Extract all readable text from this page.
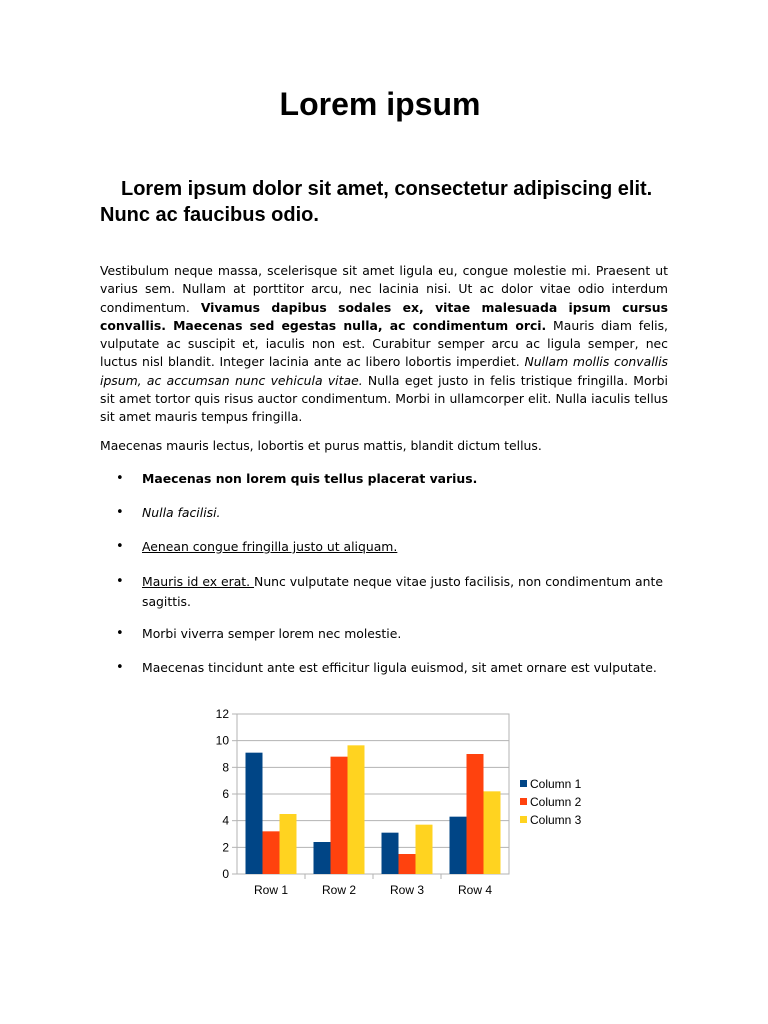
Lorem ipsum
Lorem ipsum dolor sit amet, consectetur adipiscing elit. Nunc ac faucibus odio.

Vestibulum neque massa, scelerisque sit amet ligula eu, congue molestie mi. Praesent ut varius sem. Nullam at porttitor arcu, nec lacinia nisi. Ut ac dolor vitae odio interdum condimentum. Vivamus dapibus sodales ex, vitae malesuada ipsum cursus convallis. Maecenas sed egestas nulla, ac condimentum orci. Mauris diam felis, vulputate ac suscipit et, iaculis non est. Curabitur semper arcu ac ligula semper, nec luctus nisl blandit. Integer lacinia ante ac libero lobortis imperdiet. Nullam mollis convallis ipsum, ac accumsan nunc vehicula vitae. Nulla eget justo in felis tristique fringilla. Morbi sit amet tortor quis risus auctor condimentum. Morbi in ullamcorper elit. Nulla iaculis tellus sit amet mauris tempus fringilla.

Maecenas mauris lectus, lobortis et purus mattis, blandit dictum tellus.

• Maecenas non lorem quis tellus placerat varius.
• Nulla facilisi.
• Aenean congue fringilla justo ut aliquam.
• Mauris id ex erat. Nunc vulputate neque vitae justo facilisis, non condimentum ante sagittis.
• Morbi viverra semper lorem nec molestie.
• Maecenas tincidunt ante est efficitur ligula euismod, sit amet ornare est vulputate.
0
2
4
6
8
10
12
Row 1	Row 2	Row 3	Row 4
Column 1
Column 2
Column 3
